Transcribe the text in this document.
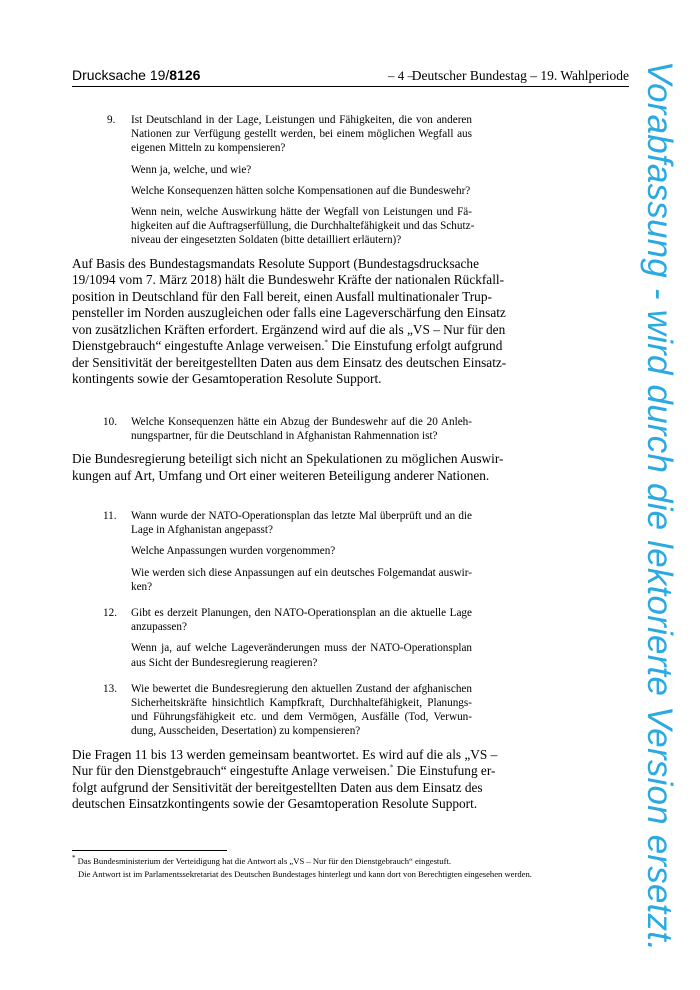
Drucksache 19/8126	– 4 –
Deutscher Bundestag – 19. Wahlperiode
9. Ist Deutschland in der Lage, Leistungen und Fähigkeiten, die von anderen
Nationen zur Verfügung gestellt werden, bei einem möglichen Wegfall aus
eigenen Mitteln zu kompensieren?
Wenn ja, welche, und wie?
Welche Konsequenzen hätten solche Kompensationen auf die Bundeswehr?
Wenn nein, welche Auswirkung hätte der Wegfall von Leistungen und Fä-
higkeiten auf die Auftragserfüllung, die Durchhaltefähigkeit und das Schutz-
niveau der eingesetzten Soldaten (bitte detailliert erläutern)?
Auf Basis des Bundestagsmandats Resolute Support (Bundestagsdrucksache
19/1094 vom 7. März 2018) hält die Bundeswehr Kräfte der nationalen Rückfall-
position in Deutschland für den Fall bereit, einen Ausfall multinationaler Trup-
pensteller im Norden auszugleichen oder falls eine Lageverschärfung den Einsatz
von zusätzlichen Kräften erfordert. Ergänzend wird auf die als „VS – Nur für den
Dienstgebrauch“ eingestufte Anlage verweisen.* Die Einstufung erfolgt aufgrund
der Sensitivität der bereitgestellten Daten aus dem Einsatz des deutschen Einsatz-
kontingents sowie der Gesamtoperation Resolute Support.
10. Welche Konsequenzen hätte ein Abzug der Bundeswehr auf die 20 Anleh-
nungspartner, für die Deutschland in Afghanistan Rahmennation ist?
Die Bundesregierung beteiligt sich nicht an Spekulationen zu möglichen Auswir-
kungen auf Art, Umfang und Ort einer weiteren Beteiligung anderer Nationen.
11. Wann wurde der NATO-Operationsplan das letzte Mal überprüft und an die
Lage in Afghanistan angepasst?
Welche Anpassungen wurden vorgenommen?
Wie werden sich diese Anpassungen auf ein deutsches Folgemandat auswir-
ken?
12. Gibt es derzeit Planungen, den NATO-Operationsplan an die aktuelle Lage
anzupassen?
Wenn ja, auf welche Lageveränderungen muss der NATO-Operationsplan
aus Sicht der Bundesregierung reagieren?
13. Wie bewertet die Bundesregierung den aktuellen Zustand der afghanischen
Sicherheitskräfte hinsichtlich Kampfkraft, Durchhaltefähigkeit, Planungs-
und Führungsfähigkeit etc. und dem Vermögen, Ausfälle (Tod, Verwun-
dung, Ausscheiden, Desertation) zu kompensieren?
Die Fragen 11 bis 13 werden gemeinsam beantwortet. Es wird auf die als „VS –
Nur für den Dienstgebrauch“ eingestufte Anlage verweisen.* Die Einstufung er-
folgt aufgrund der Sensitivität der bereitgestellten Daten aus dem Einsatz des
deutschen Einsatzkontingents sowie der Gesamtoperation Resolute Support.
* Das Bundesministerium der Verteidigung hat die Antwort als „VS – Nur für den Dienstgebrauch“ eingestuft.
Die Antwort ist im Parlamentssekretariat des Deutschen Bundestages hinterlegt und kann dort von Berechtigten eingesehen werden.	Vorabfassung - wird durch die lektorierte Version ersetzt.
